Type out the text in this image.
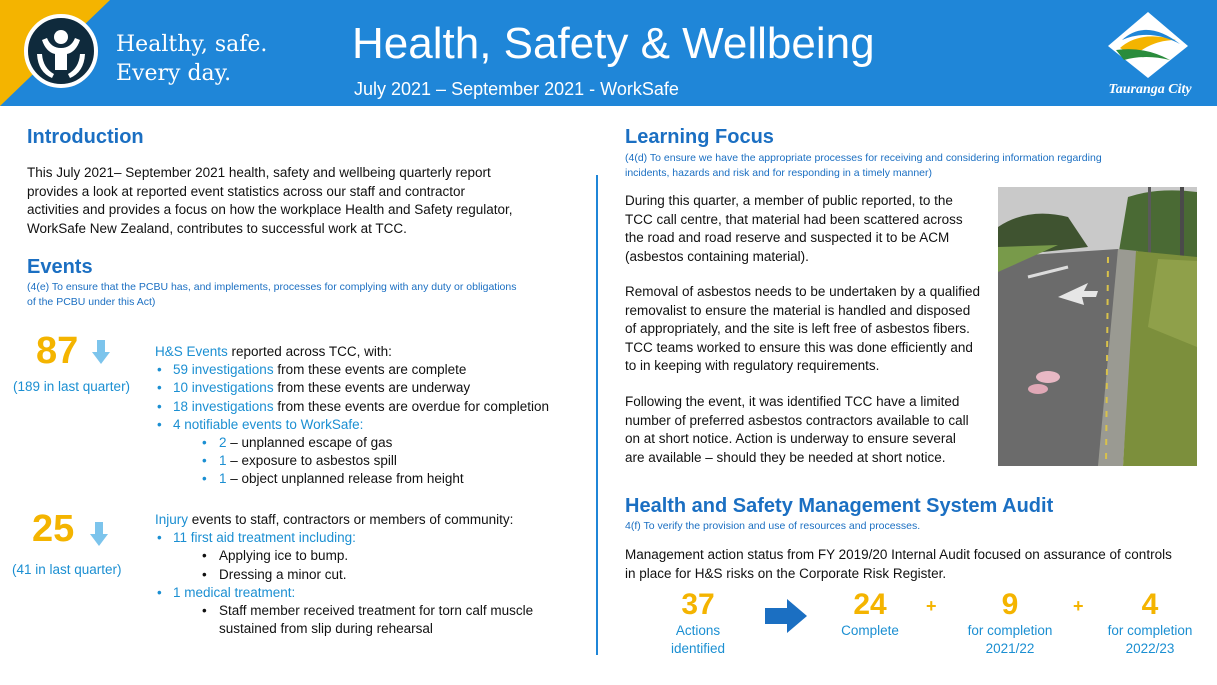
Healthy, safe.
Every day.
Health, Safety & Wellbeing
July 2021 – September 2021 - WorkSafe	Tauranga City
Introduction
This July 2021– September 2021 health, safety and wellbeing quarterly report
provides a look at reported event statistics across our staff and contractor
activities and provides a focus on how the workplace Health and Safety regulator,
WorkSafe New Zealand, contributes to successful work at TCC.
Events
(4(e) To ensure that the PCBU has, and implements, processes for complying with any duty or obligations
of the PCBU under this Act)
87
(189 in last quarter)
H&S Events reported across TCC, with:
• 59 investigations from these events are complete
• 10 investigations from these events are underway
• 18 investigations from these events are overdue for completion
• 4 notifiable events to WorkSafe:
• 2 – unplanned escape of gas
• 1 – exposure to asbestos spill
• 1 – object unplanned release from height
25
(41 in last quarter)
Injury events to staff, contractors or members of community:
• 11 first aid treatment including:
• Applying ice to bump.
• Dressing a minor cut.
• 1 medical treatment:
• Staff member received treatment for torn calf muscle
sustained from slip during rehearsal
Learning Focus
(4(d) To ensure we have the appropriate processes for receiving and considering information regarding
incidents, hazards and risk and for responding in a timely manner)
During this quarter, a member of public reported, to the
TCC call centre, that material had been scattered across
the road and road reserve and suspected it to be ACM
(asbestos containing material).
Removal of asbestos needs to be undertaken by a qualified
removalist to ensure the material is handled and disposed
of appropriately, and the site is left free of asbestos fibers.
TCC teams worked to ensure this was done efficiently and
to in keeping with regulatory requirements.
Following the event, it was identified TCC have a limited
number of preferred asbestos contractors available to call
on at short notice. Action is underway to ensure several
are available – should they be needed at short notice.
Health and Safety Management System Audit
4(f) To verify the provision and use of resources and processes.
Management action status from FY 2019/20 Internal Audit focused on assurance of controls
in place for H&S risks on the Corporate Risk Register.
37
Actions
identified
24
Complete
+	9
for completion
2021/22
+	4
for completion
2022/23
